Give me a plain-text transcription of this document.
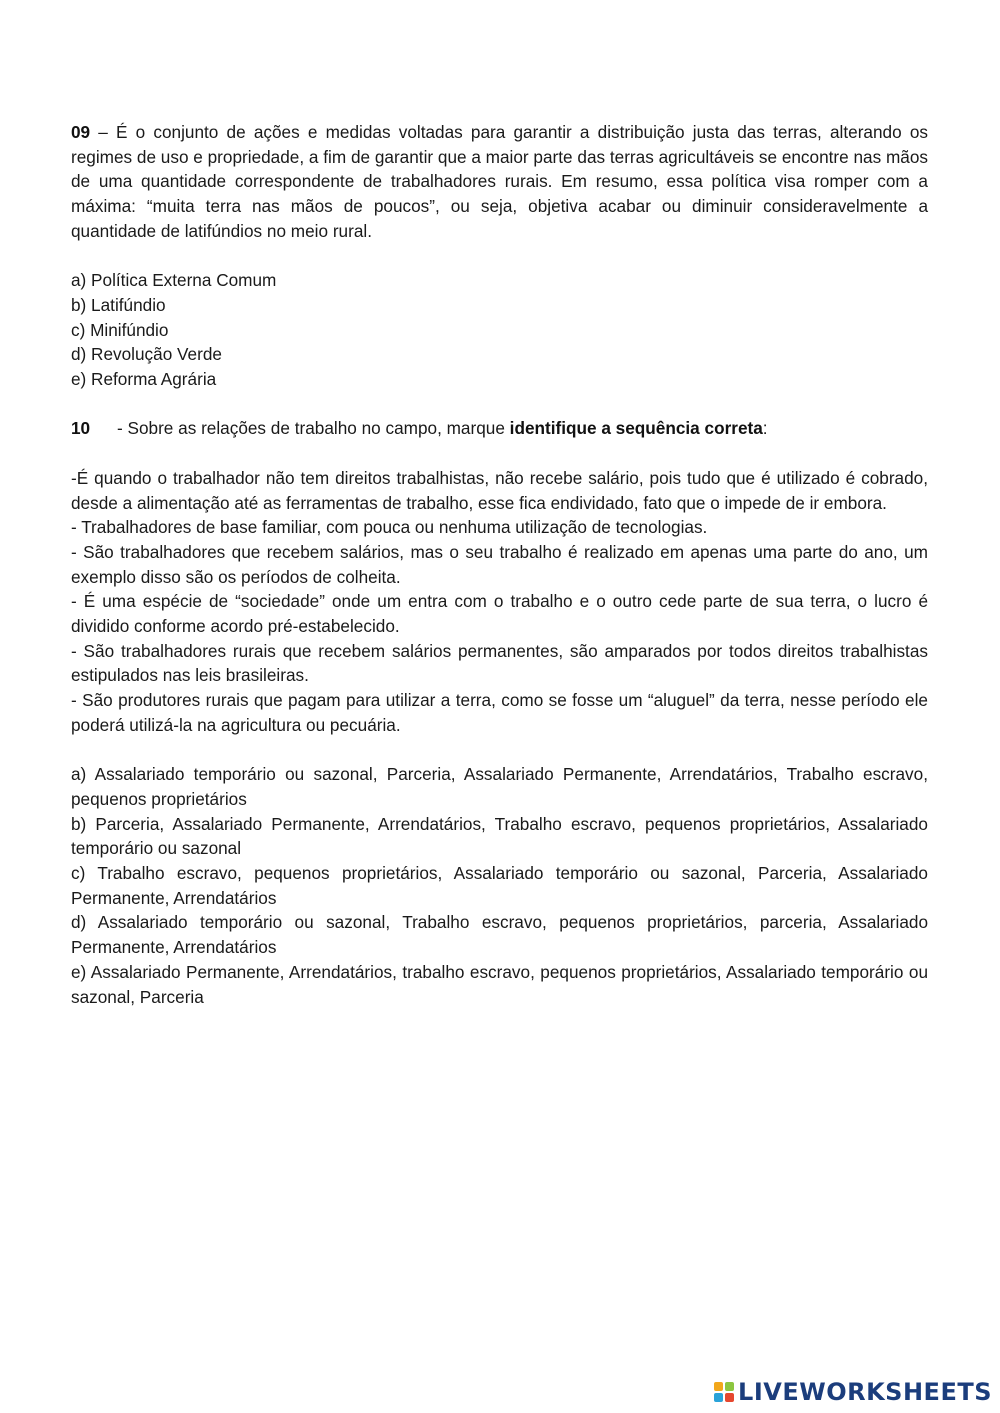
09 – É o conjunto de ações e medidas voltadas para garantir a distribuição justa das terras, alterando os regimes de uso e propriedade, a fim de garantir que a maior parte das terras agricultáveis se encontre nas mãos de uma quantidade correspondente de trabalhadores rurais. Em resumo, essa política visa romper com a máxima: “muita terra nas mãos de poucos”, ou seja, objetiva acabar ou diminuir consideravelmente a quantidade de latifúndios no meio rural.

a) Política Externa Comum

b) Latifúndio

c) Minifúndio

d) Revolução Verde

e) Reforma Agrária

10 - Sobre as relações de trabalho no campo, marque identifique a sequência correta:

-É quando o trabalhador não tem direitos trabalhistas, não recebe salário, pois tudo que é utilizado é cobrado, desde a alimentação até as ferramentas de trabalho, esse fica endividado, fato que o impede de ir embora.

- Trabalhadores de base familiar, com pouca ou nenhuma utilização de tecnologias.

- São trabalhadores que recebem salários, mas o seu trabalho é realizado em apenas uma parte do ano, um exemplo disso são os períodos de colheita.

- É uma espécie de “sociedade” onde um entra com o trabalho e o outro cede parte de sua terra, o lucro é dividido conforme acordo pré-estabelecido.

- São trabalhadores rurais que recebem salários permanentes, são amparados por todos direitos trabalhistas estipulados nas leis brasileiras.

- São produtores rurais que pagam para utilizar a terra, como se fosse um “aluguel” da terra, nesse período ele poderá utilizá-la na agricultura ou pecuária.

a) Assalariado temporário ou sazonal, Parceria, Assalariado Permanente, Arrendatários, Trabalho escravo, pequenos proprietários

b) Parceria, Assalariado Permanente, Arrendatários, Trabalho escravo, pequenos proprietários, Assalariado temporário ou sazonal

c) Trabalho escravo, pequenos proprietários, Assalariado temporário ou sazonal, Parceria, Assalariado Permanente, Arrendatários

d) Assalariado temporário ou sazonal, Trabalho escravo, pequenos proprietários, parceria, Assalariado Permanente, Arrendatários

e) Assalariado Permanente, Arrendatários, trabalho escravo, pequenos proprietários, Assalariado temporário ou sazonal, Parceria

LIVEWORKSHEETS
